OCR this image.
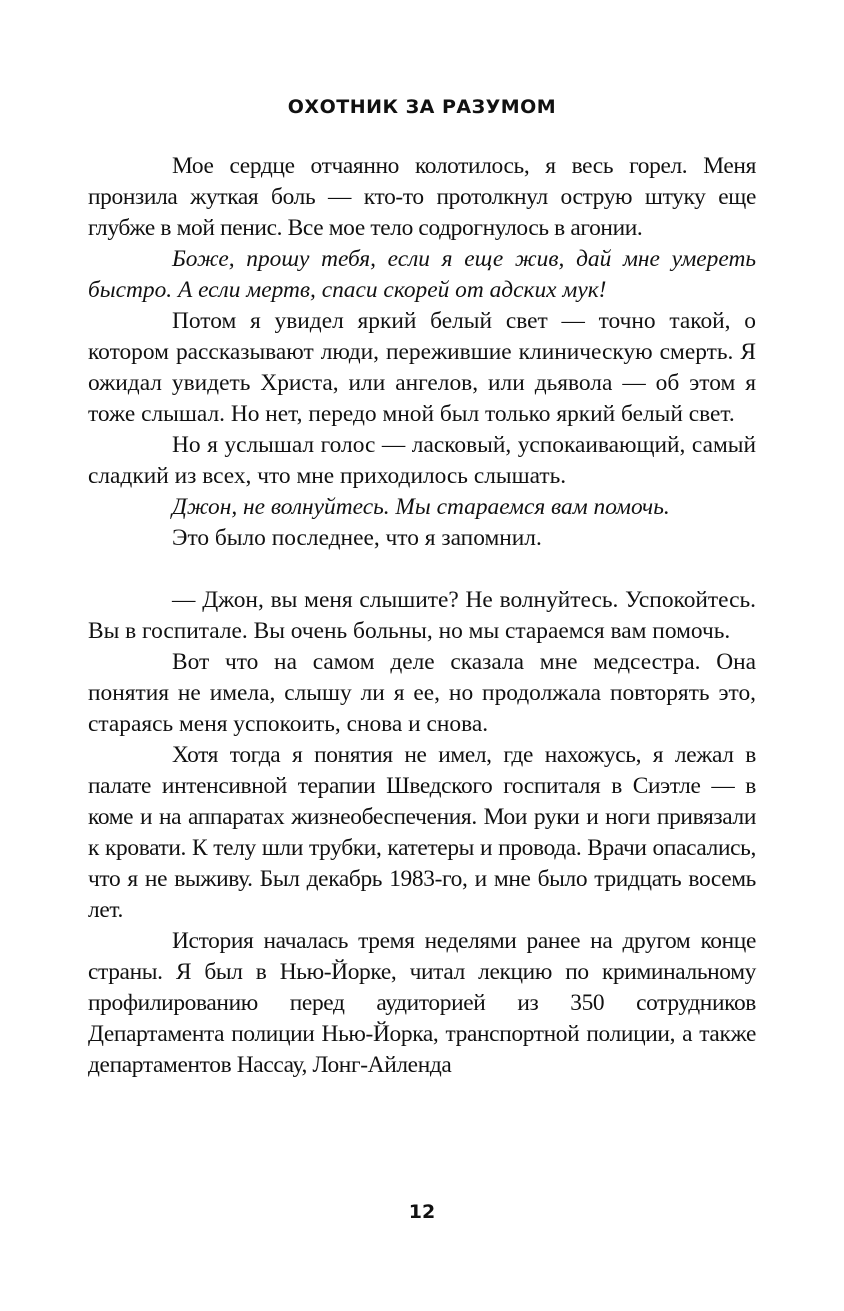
ОХОТНИК ЗА РАЗУМОМ

Мое сердце отчаянно колотилось, я весь горел. Меня пронзила жуткая боль — кто-то протолкнул острую штуку еще глубже в мой пенис. Все мое тело содрогнулось в агонии.

Боже, прошу тебя, если я еще жив, дай мне умереть быстро. А если мертв, спаси скорей от адских мук!

Потом я увидел яркий белый свет — точно такой, о котором рассказывают люди, пережившие клиническую смерть. Я ожидал увидеть Христа, или ангелов, или дьявола — об этом я тоже слышал. Но нет, передо мной был только яркий белый свет.

Но я услышал голос — ласковый, успокаивающий, самый сладкий из всех, что мне приходилось слышать.

Джон, не волнуйтесь. Мы стараемся вам помочь.

Это было последнее, что я запомнил.

— Джон, вы меня слышите? Не волнуйтесь. Успокойтесь. Вы в госпитале. Вы очень больны, но мы стараемся вам помочь.

Вот что на самом деле сказала мне медсестра. Она понятия не имела, слышу ли я ее, но продолжала повторять это, стараясь меня успокоить, снова и снова.

Хотя тогда я понятия не имел, где нахожусь, я лежал в палате интенсивной терапии Шведского госпиталя в Сиэтле — в коме и на аппаратах жизнеобеспечения. Мои руки и ноги привязали к кровати. К телу шли трубки, катетеры и провода. Врачи опасались, что я не выживу. Был декабрь 1983-го, и мне было тридцать восемь лет.

История началась тремя неделями ранее на другом конце страны. Я был в Нью-Йорке, читал лекцию по криминальному профилированию перед аудиторией из 350 сотрудников Департамента полиции Нью-Йорка, транспортной полиции, а также департаментов Нассау, Лонг-Айленда

12
